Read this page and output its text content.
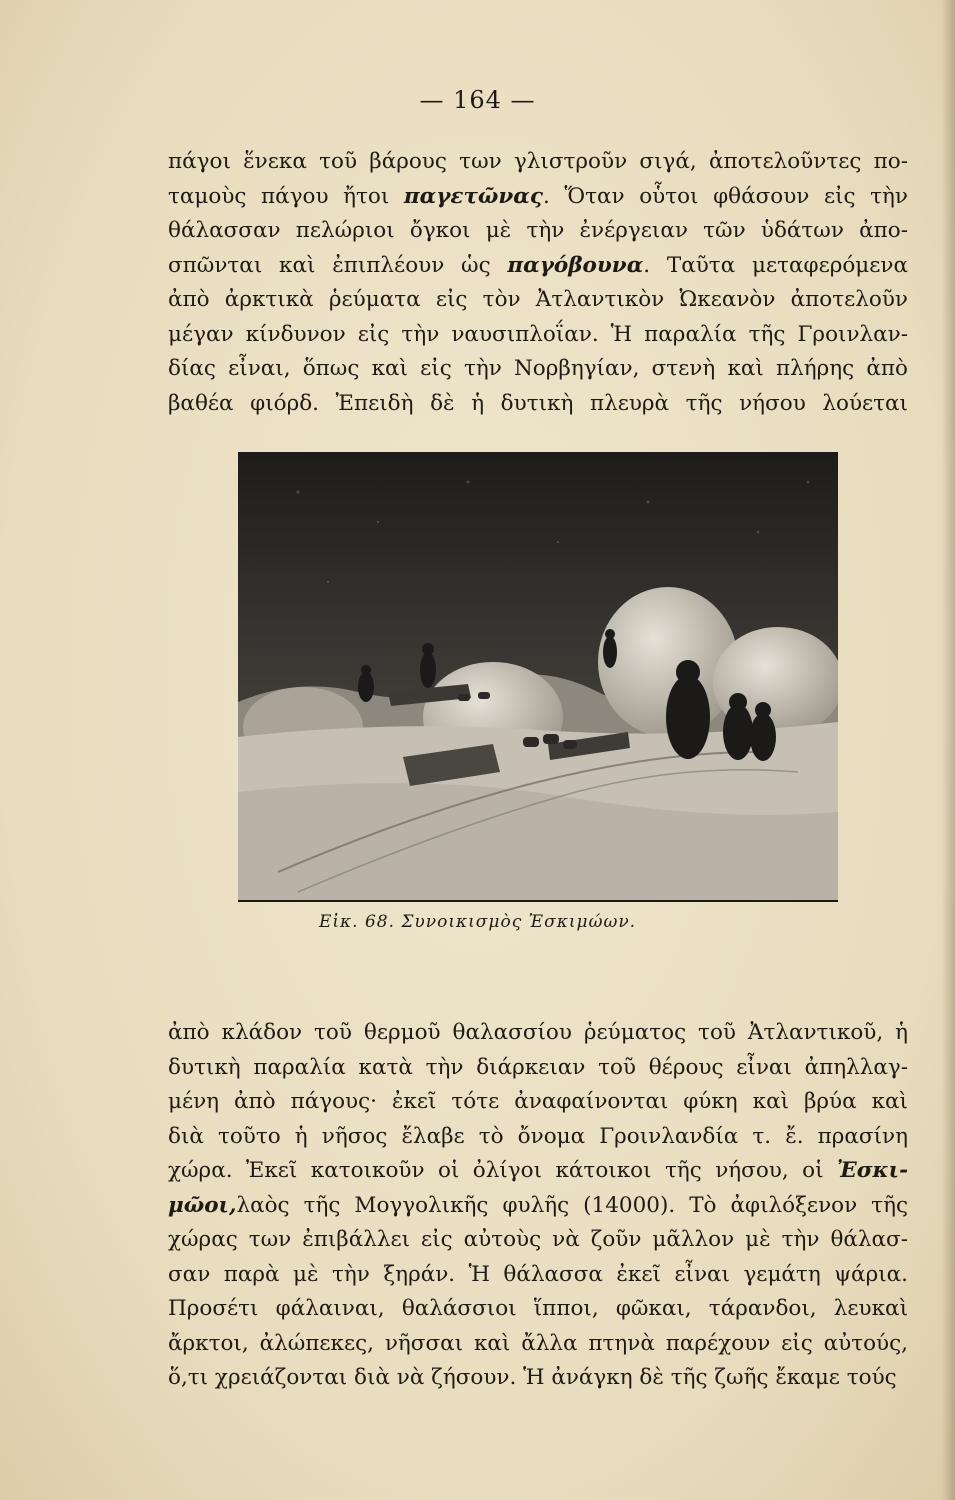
— 164 —
πάγοι ἕνεκα τοῦ βάρους των γλιστροῦν σιγά, ἀποτελοῦντες πο-
ταμοὺς πάγου ἤτοι παγετῶνας. Ὅταν οὗτοι φθάσουν εἰς τὴν
θάλασσαν πελώριοι ὄγκοι μὲ τὴν ἐνέργειαν τῶν ὑδάτων ἀπο-
σπῶνται καὶ ἐπιπλέουν ὡς παγόβουνα. Ταῦτα μεταφερόμενα
ἀπὸ ἀρκτικὰ ῥεύματα εἰς τὸν Ἀτλαντικὸν Ὠκεανὸν ἀποτελοῦν
μέγαν κίνδυνον εἰς τὴν ναυσιπλοΐαν. Ἡ παραλία τῆς Γροινλαν-
δίας εἶναι, ὅπως καὶ εἰς τὴν Νορβηγίαν, στενὴ καὶ πλήρης ἀπὸ
βαθέα φιόρδ. Ἐπειδὴ δὲ ἡ δυτικὴ πλευρὰ τῆς νήσου λούεται
Εἰκ. 68. Συνοικισμὸς Ἐσκιμώων.
ἀπὸ κλάδον τοῦ θερμοῦ θαλασσίου ῥεύματος τοῦ Ἀτλαντικοῦ, ἡ
δυτικὴ παραλία κατὰ τὴν διάρκειαν τοῦ θέρους εἶναι ἀπηλλαγ-
μένη ἀπὸ πάγους· ἐκεῖ τότε ἀναφαίνονται φύκη καὶ βρύα καὶ
διὰ τοῦτο ἡ νῆσος ἔλαβε τὸ ὄνομα Γροινλανδία τ. ἔ. πρασίνη
χώρα. Ἐκεῖ κατοικοῦν οἱ ὀλίγοι κάτοικοι τῆς νήσου, οἱ Ἐσκι-
μῶοι,λαὸς τῆς Μογγολικῆς φυλῆς (14000). Τὸ ἀφιλόξενον τῆς
χώρας των ἐπιβάλλει εἰς αὐτοὺς νὰ ζοῦν μᾶλλον μὲ τὴν θάλασ-
σαν παρὰ μὲ τὴν ξηράν. Ἡ θάλασσα ἐκεῖ εἶναι γεμάτη ψάρια.
Προσέτι φάλαιναι, θαλάσσιοι ἵπποι, φῶκαι, τάρανδοι, λευκαὶ
ἄρκτοι, ἀλώπεκες, νῆσσαι καὶ ἄλλα πτηνὰ παρέχουν εἰς αὐτούς,
ὅ,τι χρειάζονται διὰ νὰ ζήσουν. Ἡ ἀνάγκη δὲ τῆς ζωῆς ἔκαμε τούς
